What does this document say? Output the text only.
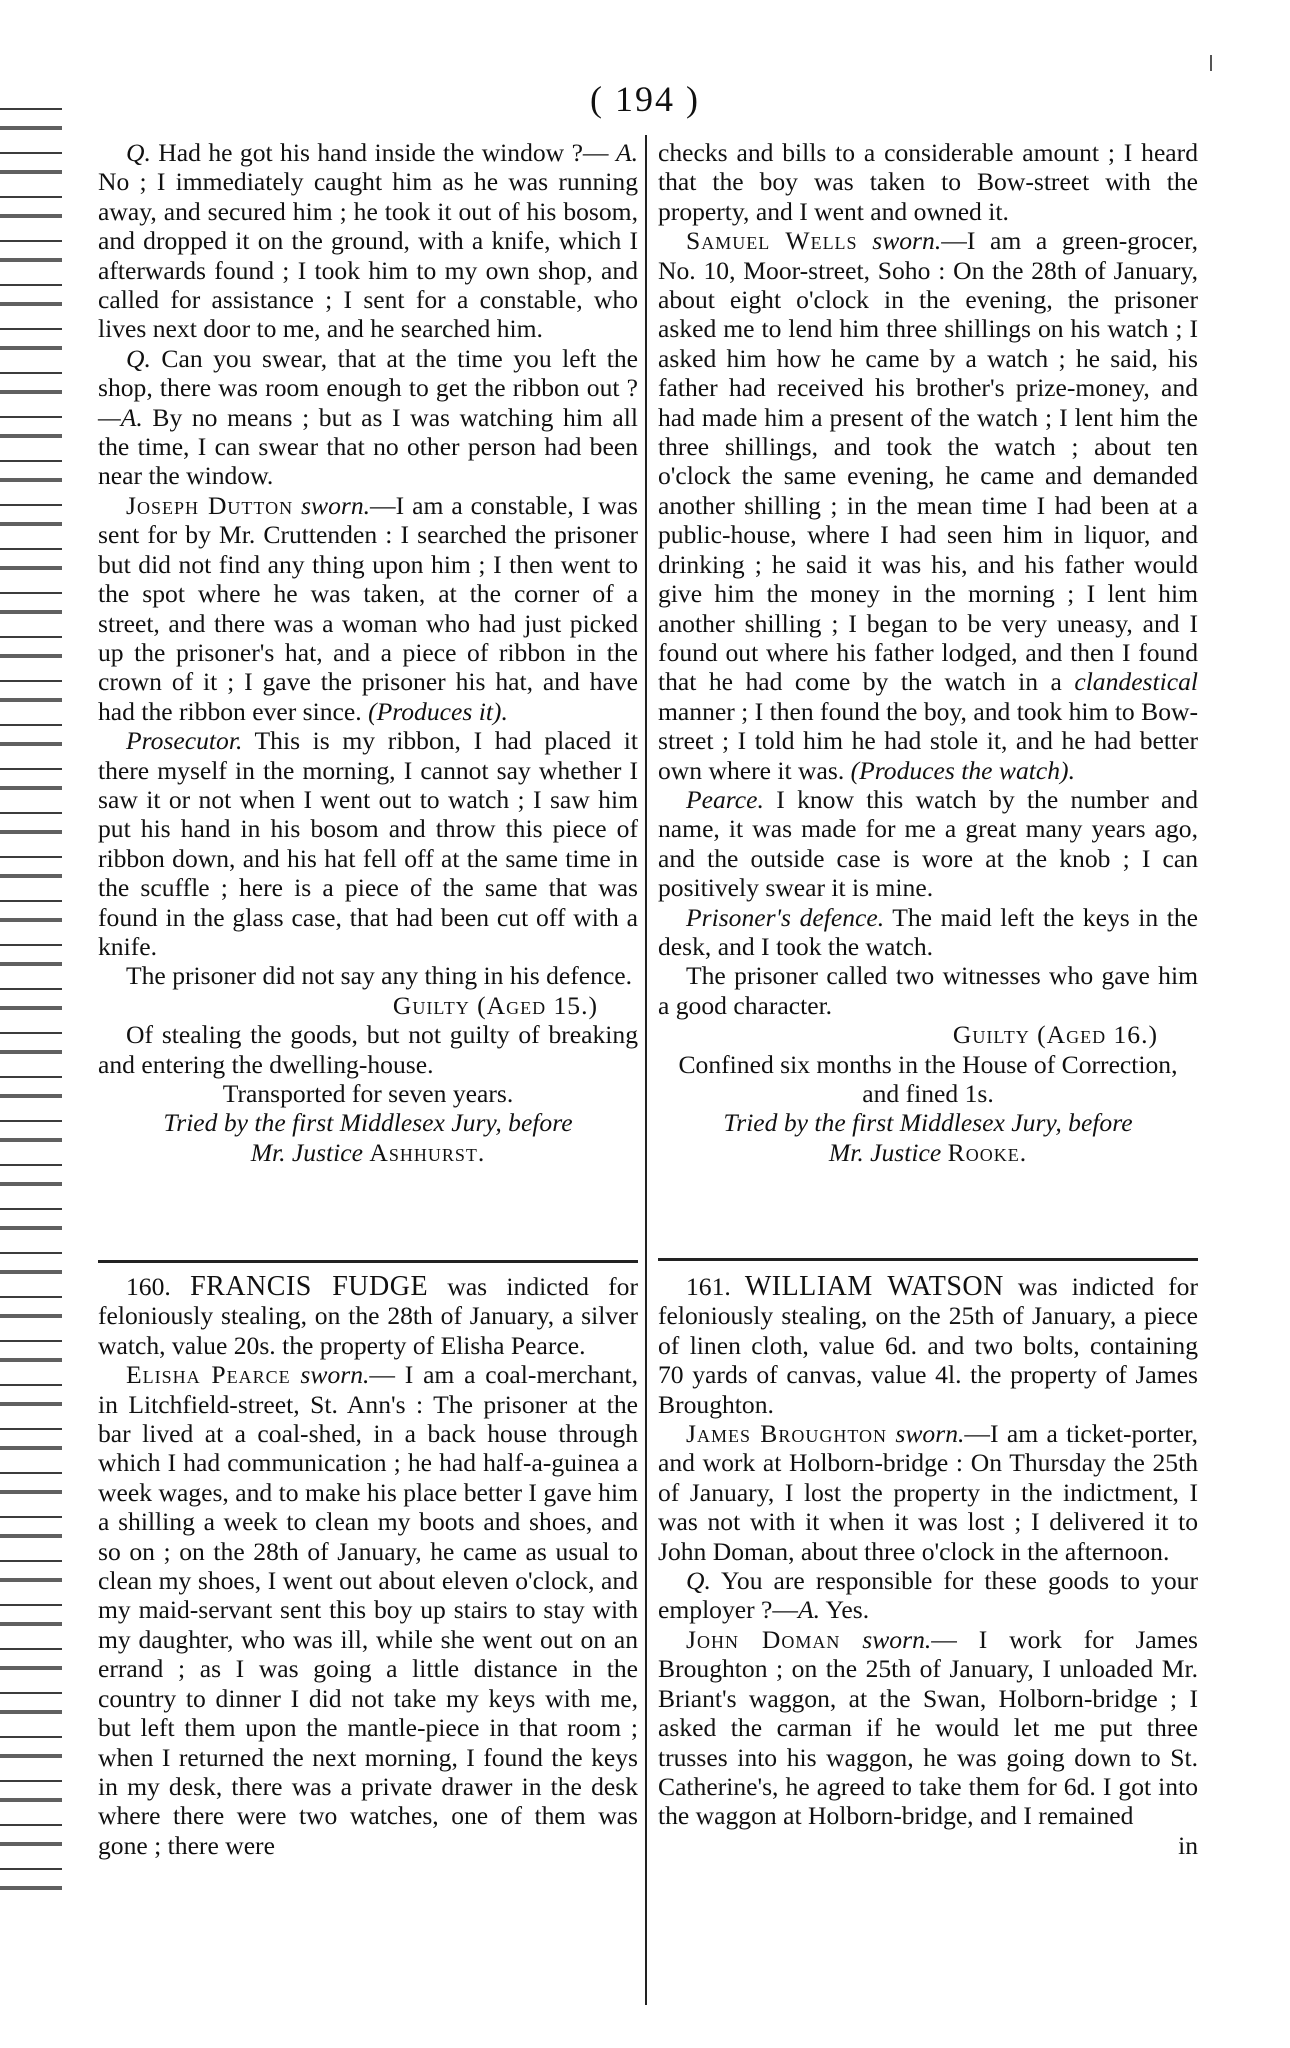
( 194 )

Q. Had he got his hand inside the window ?— A. No ; I immediately caught him as he was running away, and secured him ; he took it out of his bosom, and dropped it on the ground, with a knife, which I afterwards found ; I took him to my own shop, and called for assistance ; I sent for a constable, who lives next door to me, and he searched him.

Q. Can you swear, that at the time you left the shop, there was room enough to get the ribbon out ? —A. By no means ; but as I was watching him all the time, I can swear that no other person had been near the window.

Joseph Dutton sworn.—I am a constable, I was sent for by Mr. Cruttenden : I searched the prisoner but did not find any thing upon him ; I then went to the spot where he was taken, at the corner of a street, and there was a woman who had just picked up the prisoner's hat, and a piece of ribbon in the crown of it ; I gave the prisoner his hat, and have had the ribbon ever since. (Produces it).

Prosecutor. This is my ribbon, I had placed it there myself in the morning, I cannot say whether I saw it or not when I went out to watch ; I saw him put his hand in his bosom and throw this piece of ribbon down, and his hat fell off at the same time in the scuffle ; here is a piece of the same that was found in the glass case, that had been cut off with a knife.

The prisoner did not say any thing in his defence.

Guilty (Aged 15.)

Of stealing the goods, but not guilty of breaking and entering the dwelling-house.

Transported for seven years.

Tried by the first Middlesex Jury, before

Mr. Justice Ashhurst.

160. FRANCIS FUDGE was indicted for feloniously stealing, on the 28th of January, a silver watch, value 20s. the property of Elisha Pearce.

Elisha Pearce sworn.— I am a coal-merchant, in Litchfield-street, St. Ann's : The prisoner at the bar lived at a coal-shed, in a back house through which I had communication ; he had half-a-guinea a week wages, and to make his place better I gave him a shilling a week to clean my boots and shoes, and so on ; on the 28th of January, he came as usual to clean my shoes, I went out about eleven o'clock, and my maid-servant sent this boy up stairs to stay with my daughter, who was ill, while she went out on an errand ; as I was going a little distance in the country to dinner I did not take my keys with me, but left them upon the mantle-piece in that room ; when I returned the next morning, I found the keys in my desk, there was a private drawer in the desk where there were two watches, one of them was gone ; there were

checks and bills to a considerable amount ; I heard that the boy was taken to Bow-street with the property, and I went and owned it.

Samuel Wells sworn.—I am a green-grocer, No. 10, Moor-street, Soho : On the 28th of January, about eight o'clock in the evening, the prisoner asked me to lend him three shillings on his watch ; I asked him how he came by a watch ; he said, his father had received his brother's prize-money, and had made him a present of the watch ; I lent him the three shillings, and took the watch ; about ten o'clock the same evening, he came and demanded another shilling ; in the mean time I had been at a public-house, where I had seen him in liquor, and drinking ; he said it was his, and his father would give him the money in the morning ; I lent him another shilling ; I began to be very uneasy, and I found out where his father lodged, and then I found that he had come by the watch in a clandestical manner ; I then found the boy, and took him to Bow-street ; I told him he had stole it, and he had better own where it was. (Produces the watch).

Pearce. I know this watch by the number and name, it was made for me a great many years ago, and the outside case is wore at the knob ; I can positively swear it is mine.

Prisoner's defence. The maid left the keys in the desk, and I took the watch.

The prisoner called two witnesses who gave him a good character.

Guilty (Aged 16.)

Confined six months in the House of Correction, and fined 1s.

Tried by the first Middlesex Jury, before

Mr. Justice Rooke.

161. WILLIAM WATSON was indicted for feloniously stealing, on the 25th of January, a piece of linen cloth, value 6d. and two bolts, containing 70 yards of canvas, value 4l. the property of James Broughton.

James Broughton sworn.—I am a ticket-porter, and work at Holborn-bridge : On Thursday the 25th of January, I lost the property in the indictment, I was not with it when it was lost ; I delivered it to John Doman, about three o'clock in the afternoon.

Q. You are responsible for these goods to your employer ?—A. Yes.

John Doman sworn.— I work for James Broughton ; on the 25th of January, I unloaded Mr. Briant's waggon, at the Swan, Holborn-bridge ; I asked the carman if he would let me put three trusses into his waggon, he was going down to St. Catherine's, he agreed to take them for 6d. I got into the waggon at Holborn-bridge, and I remained

in
